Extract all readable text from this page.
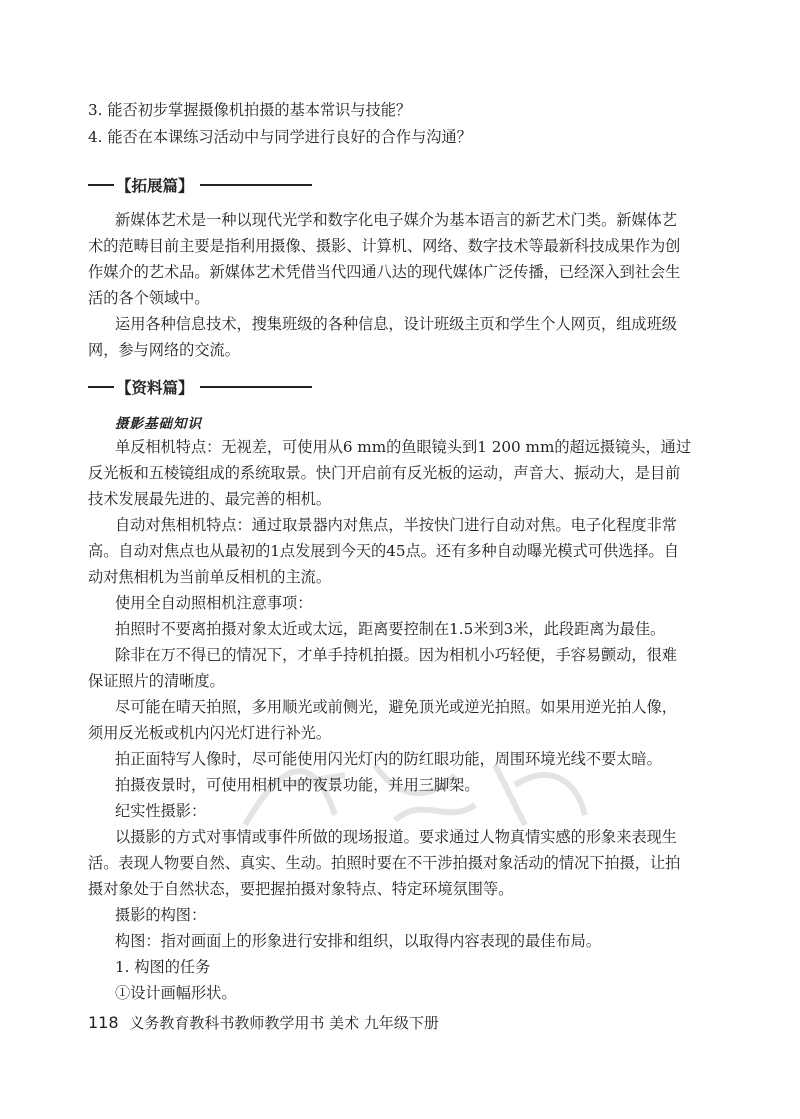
3. 能否初步掌握摄像机拍摄的基本常识与技能？
4. 能否在本课练习活动中与同学进行良好的合作与沟通？
【拓展篇】
新媒体艺术是一种以现代光学和数字化电子媒介为基本语言的新艺术门类。新媒体艺
术的范畴目前主要是指利用摄像、摄影、计算机、网络、数字技术等最新科技成果作为创
作媒介的艺术品。新媒体艺术凭借当代四通八达的现代媒体广泛传播，已经深入到社会生
活的各个领域中。
运用各种信息技术，搜集班级的各种信息，设计班级主页和学生个人网页，组成班级
网，参与网络的交流。
【资料篇】
摄影基础知识
单反相机特点：无视差，可使用从6 mm的鱼眼镜头到1 200 mm的超远摄镜头，通过
反光板和五棱镜组成的系统取景。快门开启前有反光板的运动，声音大、振动大，是目前
技术发展最先进的、最完善的相机。
自动对焦相机特点：通过取景器内对焦点，半按快门进行自动对焦。电子化程度非常
高。自动对焦点也从最初的1点发展到今天的45点。还有多种自动曝光模式可供选择。自
动对焦相机为当前单反相机的主流。
使用全自动照相机注意事项：
拍照时不要离拍摄对象太近或太远，距离要控制在1.5米到3米，此段距离为最佳。
除非在万不得已的情况下，才单手持机拍摄。因为相机小巧轻便，手容易颤动，很难
保证照片的清晰度。
尽可能在晴天拍照，多用顺光或前侧光，避免顶光或逆光拍照。如果用逆光拍人像，
须用反光板或机内闪光灯进行补光。
拍正面特写人像时，尽可能使用闪光灯内的防红眼功能，周围环境光线不要太暗。
拍摄夜景时，可使用相机中的夜景功能，并用三脚架。
纪实性摄影：
以摄影的方式对事情或事件所做的现场报道。要求通过人物真情实感的形象来表现生
活。表现人物要自然、真实、生动。拍照时要在不干涉拍摄对象活动的情况下拍摄，让拍
摄对象处于自然状态，要把握拍摄对象特点、特定环境氛围等。
摄影的构图：
构图：指对画面上的形象进行安排和组织，以取得内容表现的最佳布局。
1. 构图的任务
①设计画幅形状。
118 义务教育教科书教师教学用书 美术 九年级下册
